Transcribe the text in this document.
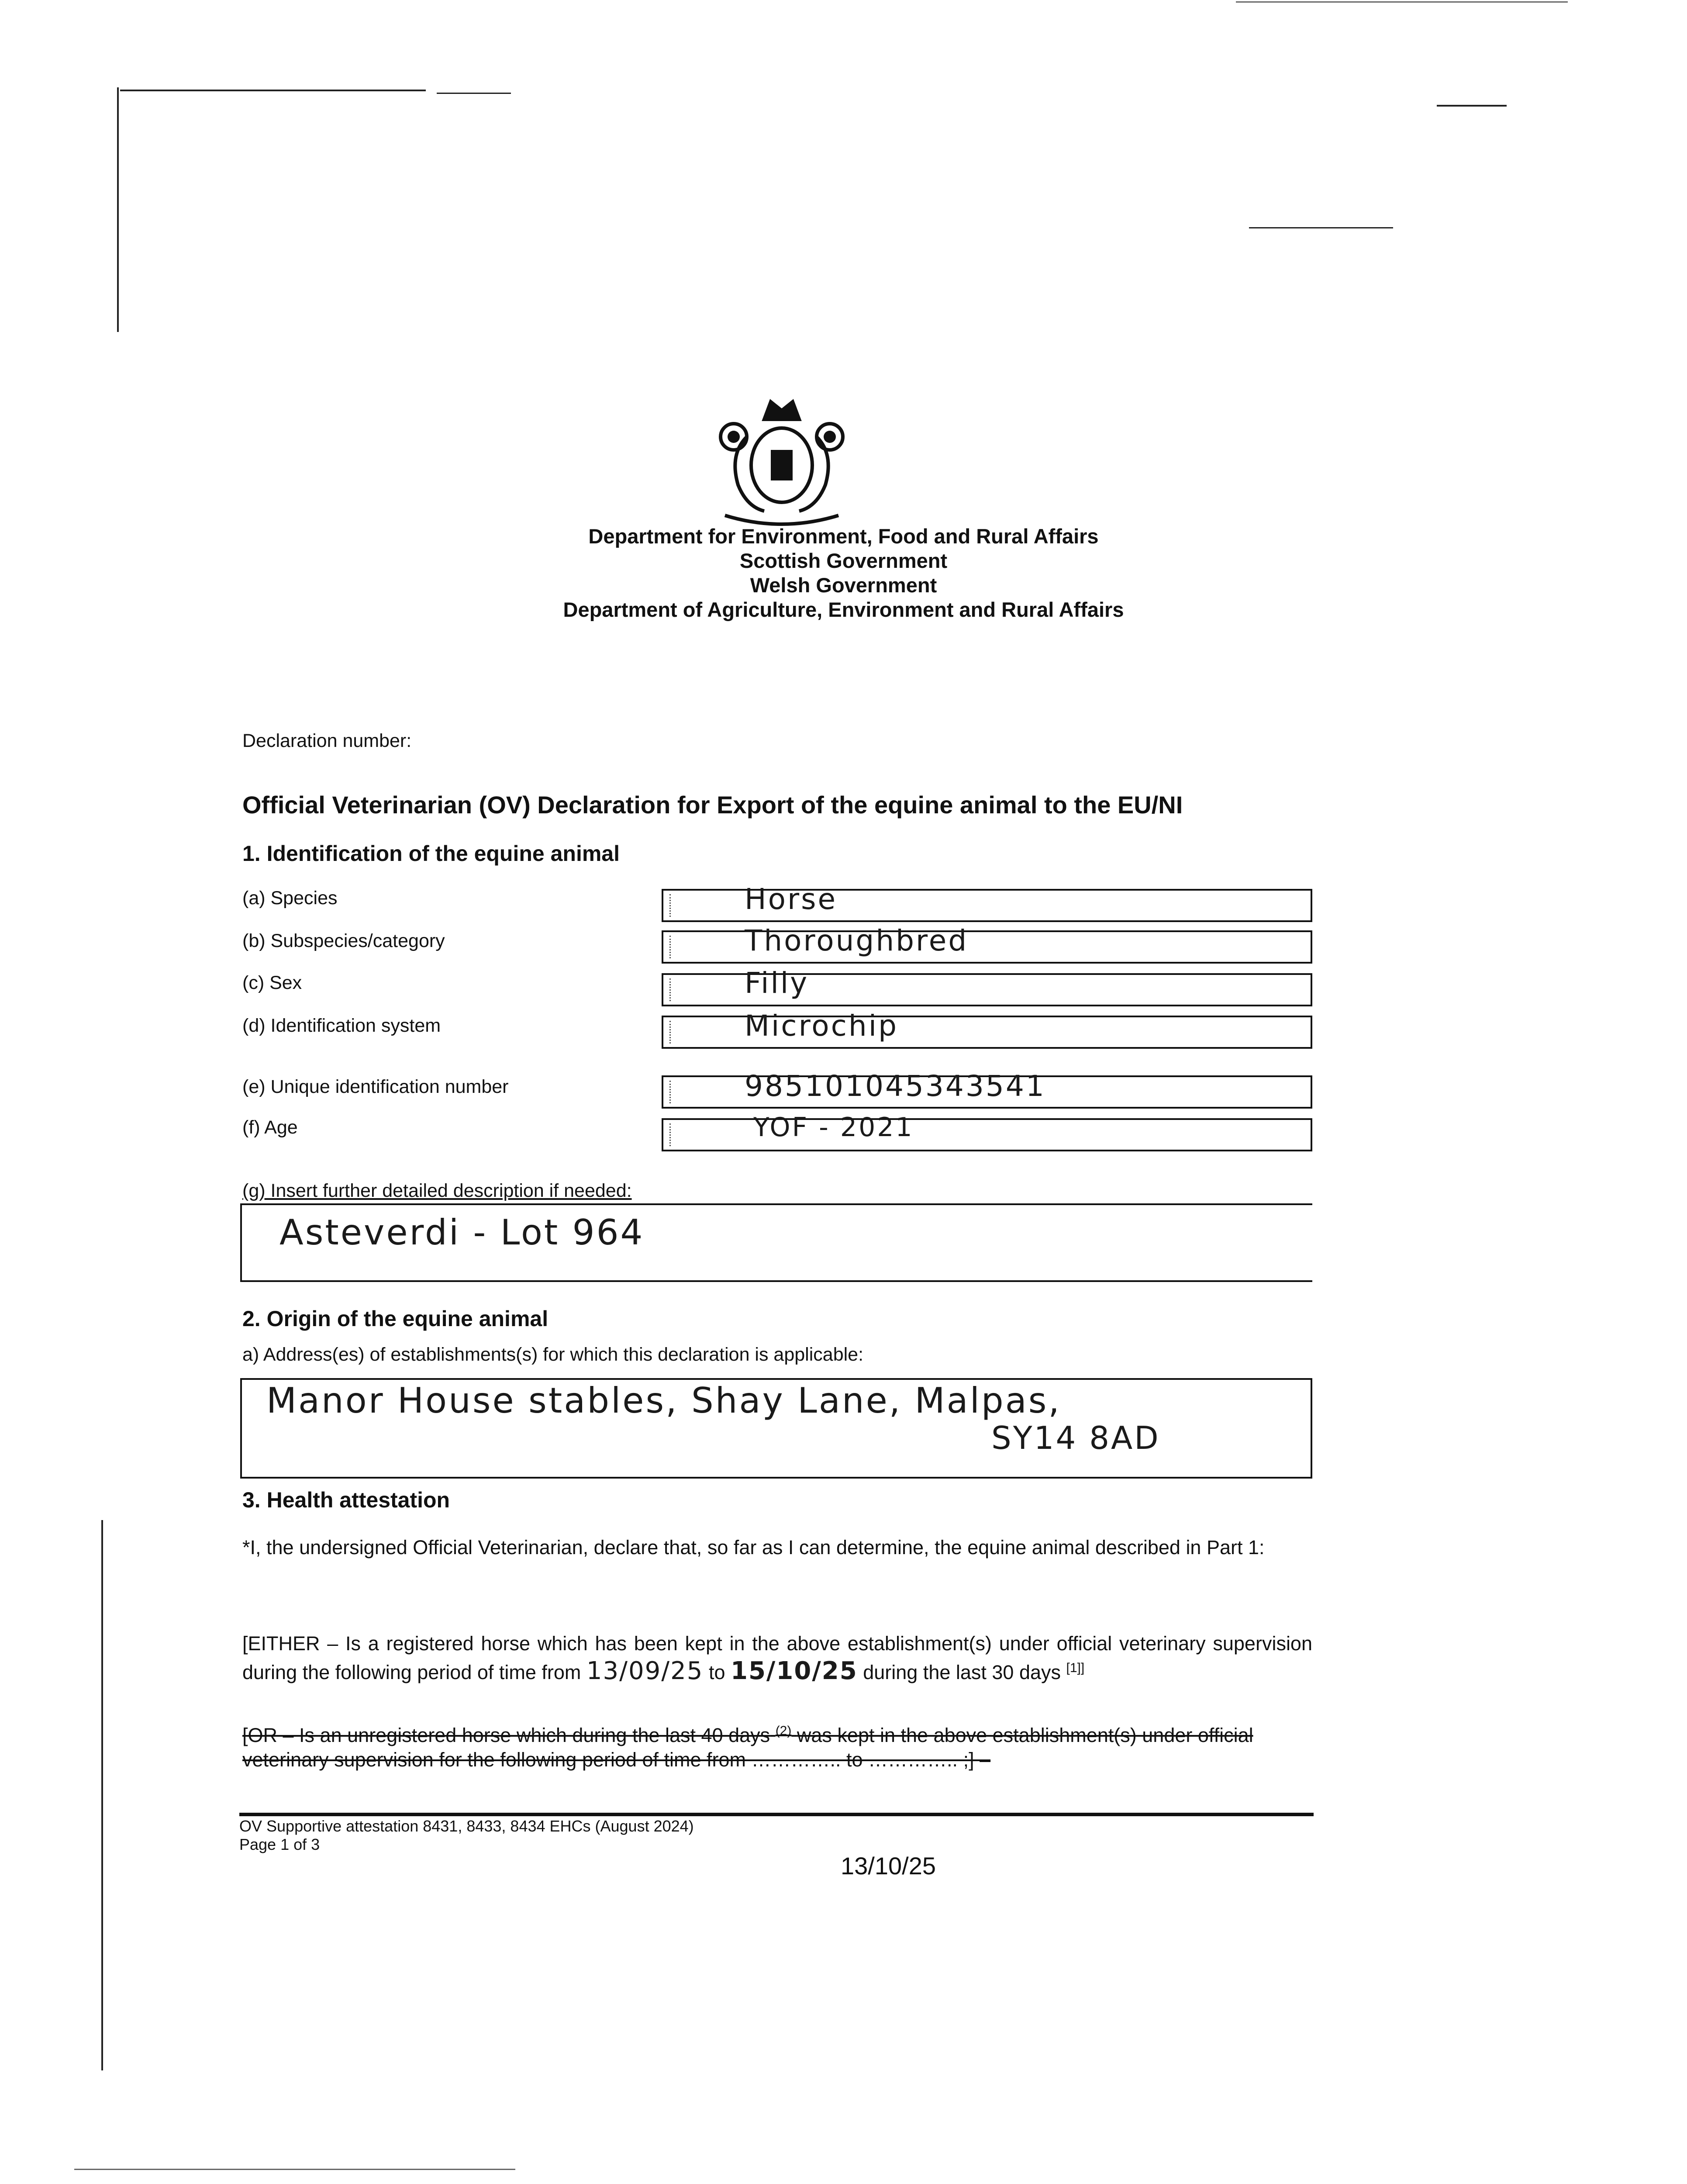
Department for Environment, Food and Rural Affairs
Scottish Government
Welsh Government
Department of Agriculture, Environment and Rural Affairs
Declaration number:
Official Veterinarian (OV) Declaration for Export of the equine animal to the EU/NI
1. Identification of the equine animal
(a) Species	Horse
(b) Subspecies/category	Thoroughbred
(c) Sex	Filly
(d) Identification system	Microchip
(e) Unique identification number	985101045343541
(f) Age	YOF - 2021
(g) Insert further detailed description if needed:
Asteverdi - Lot 964
2. Origin of the equine animal
a) Address(es) of establishments(s) for which this declaration is applicable:
Manor House stables, Shay Lane, Malpas,
SY14 8AD
3. Health attestation
*I, the undersigned Official Veterinarian, declare that, so far as I can determine, the equine animal described in Part 1:
[EITHER – Is a registered horse which has been kept in the above establishment(s) under official veterinary supervision during the following period of time from 13/09/25 to 15/10/25 during the last 30 days [1]]
[OR – Is an unregistered horse which during the last 40 days $^{(2)}$ was kept in the above establishment(s) under official veterinary supervision for the following period of time from ………….. to ………….. ;] –
OV Supportive attestation 8431, 8433, 8434 EHCs (August 2024)
Page 1 of 3
13/10/25
